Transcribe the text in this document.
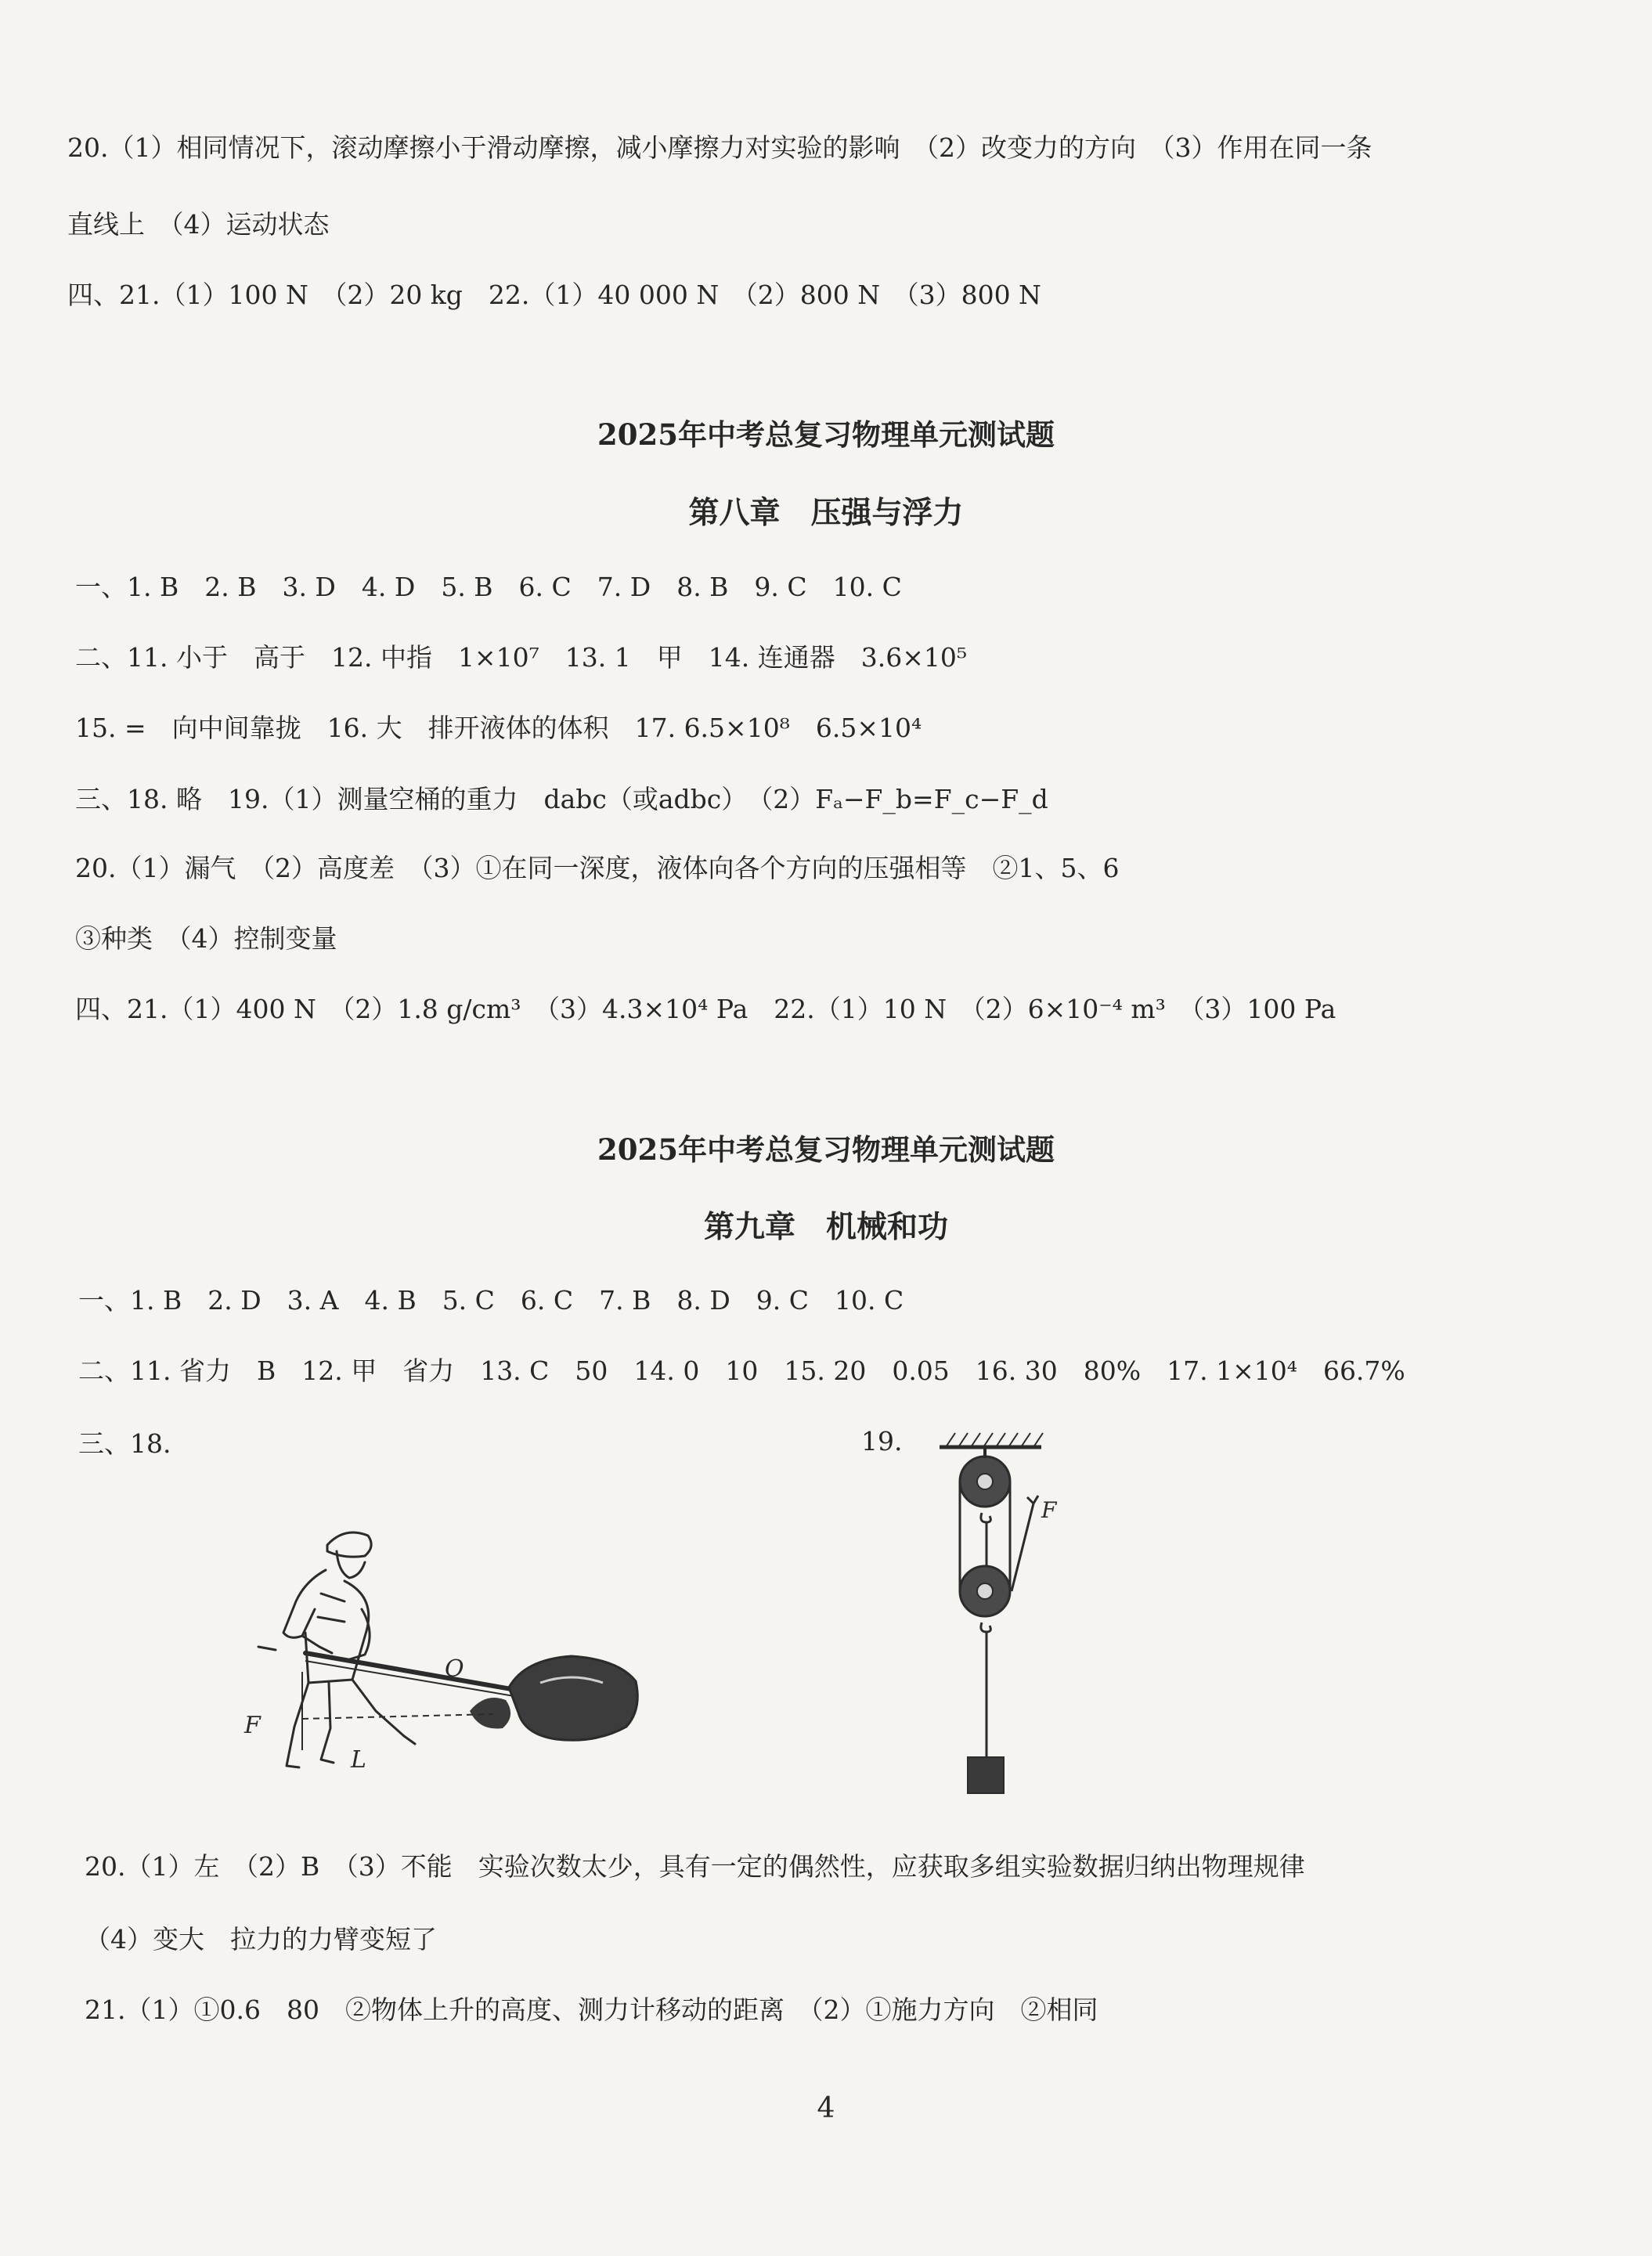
20.（1）相同情况下，滚动摩擦小于滑动摩擦，减小摩擦力对实验的影响　（2）改变力的方向　（3）作用在同一条
直线上　（4）运动状态
四、21.（1）100 N　（2）20 kg　22.（1）40 000 N　（2）800 N　（3）800 N
2025年中考总复习物理单元测试题
第八章　压强与浮力
一、1. B　2. B　3. D　4. D　5. B　6. C　7. D　8. B　9. C　10. C
二、11. 小于　高于　12. 中指　1×10⁷　13. 1　甲　14. 连通器　3.6×10⁵
15. =　向中间靠拢　16. 大　排开液体的体积　17. 6.5×10⁸　6.5×10⁴
三、18. 略　19.（1）测量空桶的重力　dabc（或adbc）　（2）Fₐ−F_b=F_c−F_d
20.（1）漏气　（2）高度差　（3）①在同一深度，液体向各个方向的压强相等　②1、5、6
③种类　（4）控制变量
四、21.（1）400 N　（2）1.8 g/cm³　（3）4.3×10⁴ Pa　22.（1）10 N　（2）6×10⁻⁴ m³　（3）100 Pa
2025年中考总复习物理单元测试题
第九章　机械和功
一、1. B　2. D　3. A　4. B　5. C　6. C　7. B　8. D　9. C　10. C
二、11. 省力　B　12. 甲　省力　13. C　50　14. 0　10　15. 20　0.05　16. 30　80%　17. 1×10⁴　66.7%
三、18.	19.
F
O
L
F
20.（1）左　（2）B　（3）不能　实验次数太少，具有一定的偶然性，应获取多组实验数据归纳出物理规律
（4）变大　拉力的力臂变短了
21.（1）①0.6　80　②物体上升的高度、测力计移动的距离　（2）①施力方向　②相同
4
